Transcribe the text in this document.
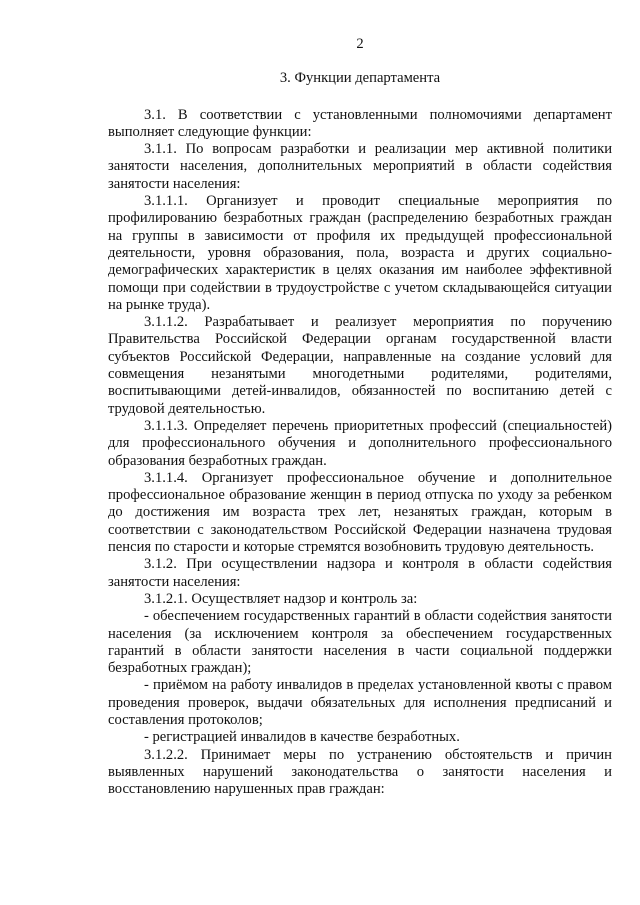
2
3. Функции департамента

3.1. В соответствии с установленными полномочиями департамент выполняет следующие функции:

3.1.1. По вопросам разработки и реализации мер активной политики занятости населения, дополнительных мероприятий в области содействия занятости населения:

3.1.1.1. Организует и проводит специальные мероприятия по профилированию безработных граждан (распределению безработных граждан на группы в зависимости от профиля их предыдущей профессиональной деятельности, уровня образования, пола, возраста и других социально-демографических характеристик в целях оказания им наиболее эффективной помощи при содействии в трудоустройстве с учетом складывающейся ситуации на рынке труда).

3.1.1.2. Разрабатывает и реализует мероприятия по поручению Правительства Российской Федерации органам государственной власти субъектов Российской Федерации, направленные на создание условий для совмещения незанятыми многодетными родителями, родителями, воспитывающими детей-инвалидов, обязанностей по воспитанию детей с трудовой деятельностью.

3.1.1.3. Определяет перечень приоритетных профессий (специальностей) для профессионального обучения и дополнительного профессионального образования безработных граждан.

3.1.1.4. Организует профессиональное обучение и дополнительное профессиональное образование женщин в период отпуска по уходу за ребенком до достижения им возраста трех лет, незанятых граждан, которым в соответствии с законодательством Российской Федерации назначена трудовая пенсия по старости и которые стремятся возобновить трудовую деятельность.

3.1.2. При осуществлении надзора и контроля в области содействия занятости населения:

3.1.2.1. Осуществляет надзор и контроль за:

- обеспечением государственных гарантий в области содействия занятости населения (за исключением контроля за обеспечением государственных гарантий в области занятости населения в части социальной поддержки безработных граждан);

- приёмом на работу инвалидов в пределах установленной квоты с правом проведения проверок, выдачи обязательных для исполнения предписаний и составления протоколов;

- регистрацией инвалидов в качестве безработных.

3.1.2.2. Принимает меры по устранению обстоятельств и причин выявленных нарушений законодательства о занятости населения и восстановлению нарушенных прав граждан:
